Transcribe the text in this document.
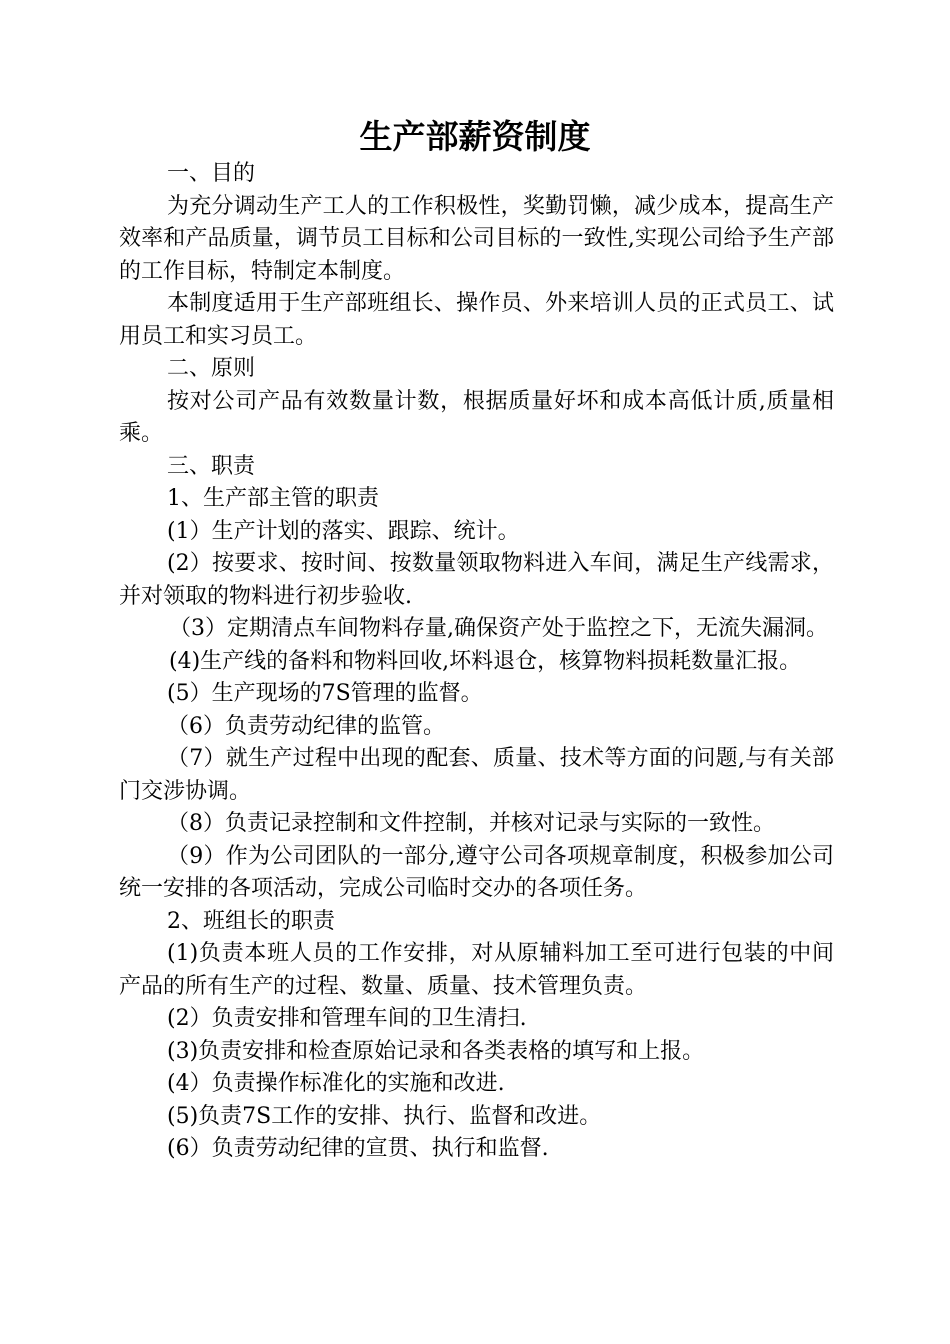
生产部薪资制度

一、目的

为充分调动生产工人的工作积极性，奖勤罚懒，减少成本，提高生产效率和产品质量，调节员工目标和公司目标的一致性,实现公司给予生产部的工作目标，特制定本制度。

本制度适用于生产部班组长、操作员、外来培训人员的正式员工、试用员工和实习员工。

二、原则

按对公司产品有效数量计数，根据质量好坏和成本高低计质,质量相乘。

三、职责

1、生产部主管的职责

(1）生产计划的落实、跟踪、统计。

(2）按要求、按时间、按数量领取物料进入车间，满足生产线需求，并对领取的物料进行初步验收.

（3）定期清点车间物料存量,确保资产处于监控之下，无流失漏洞。

(4)生产线的备料和物料回收,坏料退仓，核算物料损耗数量汇报。

(5）生产现场的7S管理的监督。

（6）负责劳动纪律的监管。

（7）就生产过程中出现的配套、质量、技术等方面的问题,与有关部门交涉协调。

（8）负责记录控制和文件控制，并核对记录与实际的一致性。

（9）作为公司团队的一部分,遵守公司各项规章制度，积极参加公司统一安排的各项活动，完成公司临时交办的各项任务。

2、班组长的职责

(1)负责本班人员的工作安排，对从原辅料加工至可进行包装的中间产品的所有生产的过程、数量、质量、技术管理负责。

(2）负责安排和管理车间的卫生清扫.

(3)负责安排和检查原始记录和各类表格的填写和上报。

(4）负责操作标准化的实施和改进.

(5)负责7S工作的安排、执行、监督和改进。

(6）负责劳动纪律的宣贯、执行和监督.
